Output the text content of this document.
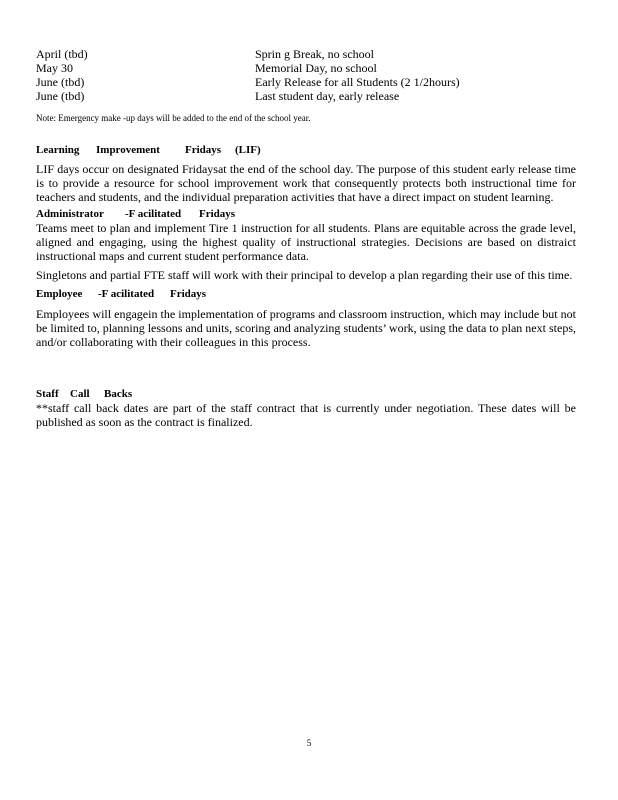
April (tbd)	Sprin g Break, no school
May 30	Memorial Day, no school
June (tbd)	Early Release for all Students (2 1/2hours)
June (tbd)	Last student day, early release
Note: Emergency make -up days will be added to the end of the school year.
Learning Improvement Fridays (LIF)

LIF days occur on designated Fridaysat the end of the school day. The purpose of this student early release time is to provide a resource for school improvement work that consequently protects both instructional time for teachers and students, and the individual preparation activities that have a direct impact on student learning.

Administrator -F acilitated Fridays

Teams meet to plan and implement Tire 1 instruction for all students. Plans are equitable across the grade level, aligned and engaging, using the highest quality of instructional strategies. Decisions are based on distraict instructional maps and current student performance data.

Singletons and partial FTE staff will work with their principal to develop a plan regarding their use of this time.

Employee -F acilitated Fridays

Employees will engagein the implementation of programs and classroom instruction, which may include but not be limited to, planning lessons and units, scoring and analyzing students’ work, using the data to plan next steps, and/or collaborating with their colleagues in this process.

Staff Call Backs

**staff call back dates are part of the staff contract that is currently under negotiation. These dates will be published as soon as the contract is finalized.

5
